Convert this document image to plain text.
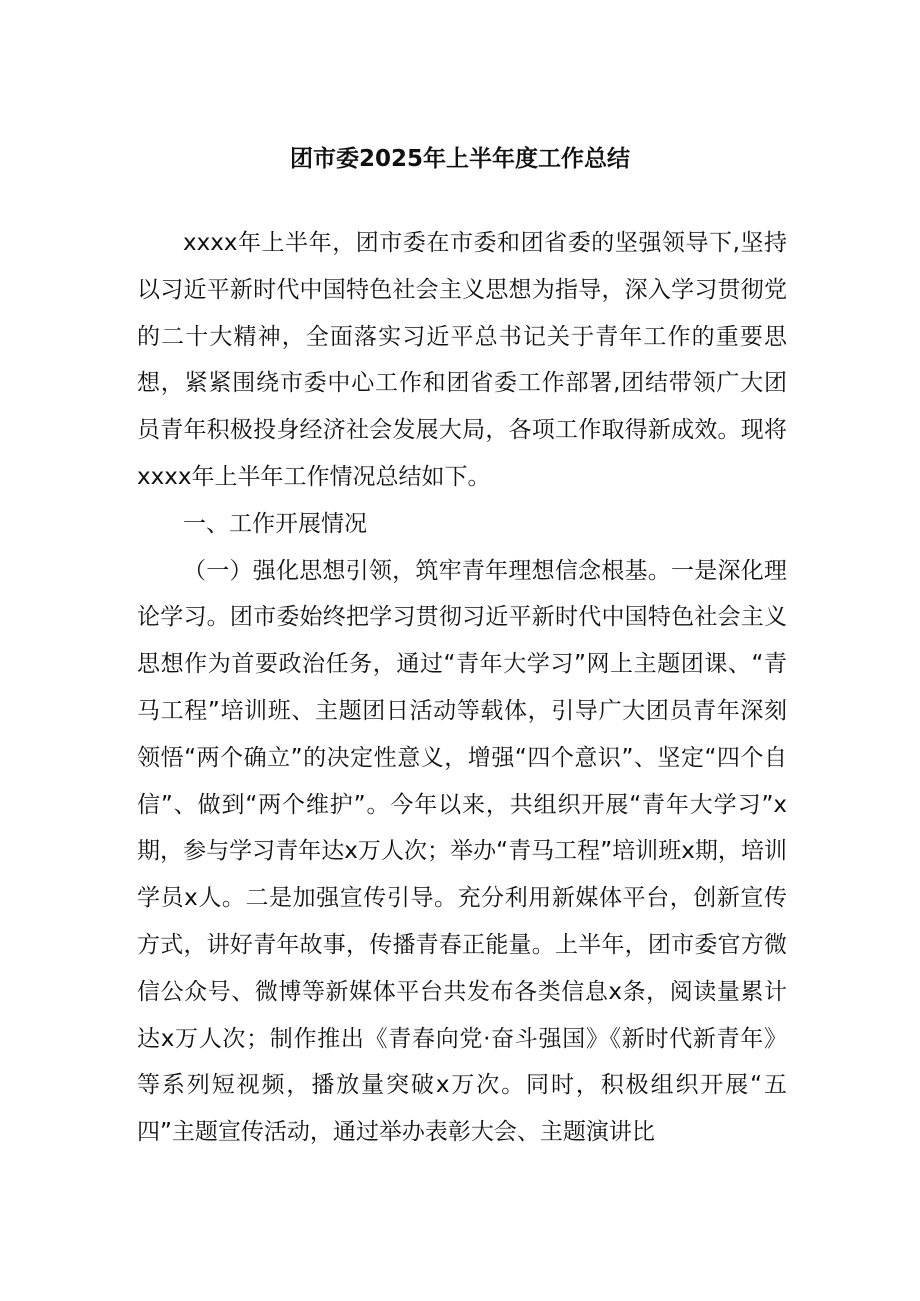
团市委2025年上半年度工作总结

xxxx年上半年，团市委在市委和团省委的坚强领导下,坚持以习近平新时代中国特色社会主义思想为指导，深入学习贯彻党的二十大精神，全面落实习近平总书记关于青年工作的重要思想，紧紧围绕市委中心工作和团省委工作部署,团结带领广大团员青年积极投身经济社会发展大局，各项工作取得新成效。现将xxxx年上半年工作情况总结如下。

一、工作开展情况

（一）强化思想引领，筑牢青年理想信念根基。一是深化理论学习。团市委始终把学习贯彻习近平新时代中国特色社会主义思想作为首要政治任务，通过“青年大学习”网上主题团课、“青马工程”培训班、主题团日活动等载体，引导广大团员青年深刻领悟“两个确立”的决定性意义，增强“四个意识”、坚定“四个自信”、做到“两个维护”。今年以来，共组织开展“青年大学习”x期，参与学习青年达x万人次；举办“青马工程”培训班x期，培训学员x人。二是加强宣传引导。充分利用新媒体平台，创新宣传方式，讲好青年故事，传播青春正能量。上半年，团市委官方微信公众号、微博等新媒体平台共发布各类信息x条，阅读量累计达x万人次；制作推出《青春向党·奋斗强国》《新时代新青年》等系列短视频，播放量突破x万次。同时，积极组织开展“五四”主题宣传活动，通过举办表彰大会、主题演讲比
